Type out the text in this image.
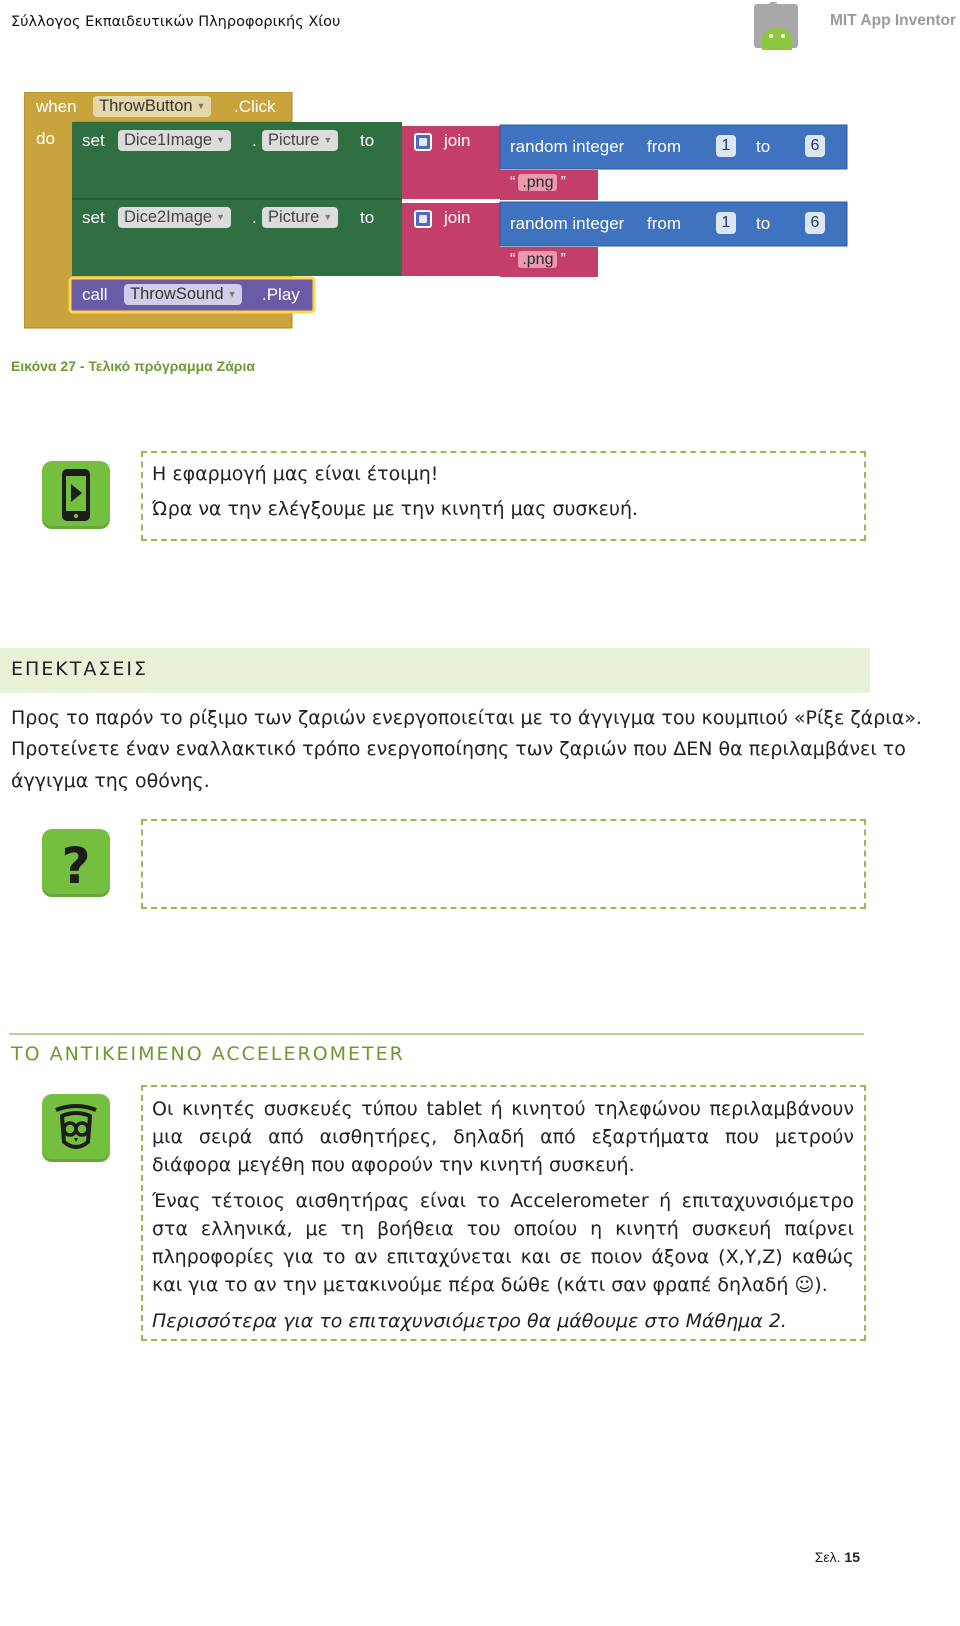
Σύλλογος Εκπαιδευτικών Πληροφορικής Χίου	MIT App Inventor
when	ThrowButton ▼	.Click
do set	Dice1Image ▼	. Picture ▼	to	join random integer from	1	to	6
“ .png ”
set	Dice2Image ▼	. Picture ▼	to	join random integer from	1	to	6
“ .png ”
call	ThrowSound ▼	.Play
Εικόνα 27 - Τελικό πρόγραμμα Ζάρια
Η εφαρμογή μας είναι έτοιμη!
Ώρα να την ελέγξουμε με την κινητή μας συσκευή.
ΕΠΕΚΤΑΣΕΙΣ
Προς το παρόν το ρίξιμο των ζαριών ενεργοποιείται με το άγγιγμα του κουμπιού «Ρίξε ζάρια».
Προτείνετε έναν εναλλακτικό τρόπο ενεργοποίησης των ζαριών που ΔΕΝ θα περιλαμβάνει το
άγγιγμα της οθόνης.
?
ΤΟ ΑΝΤΙΚΕΙΜΕΝΟ ACCELEROMETER

Οι κινητές συσκευές τύπου tablet ή κινητού τηλεφώνου περιλαμβάνουν μια σειρά από αισθητήρες, δηλαδή από εξαρτήματα που μετρούν διάφορα μεγέθη που αφορούν την κινητή συσκευή.

Ένας τέτοιος αισθητήρας είναι το Accelerometer ή επιταχυνσιόμετρο στα ελληνικά, με τη βοήθεια του οποίου η κινητή συσκευή παίρνει πληροφορίες για το αν επιταχύνεται και σε ποιον άξονα (X,Y,Z) καθώς και για το αν την μετακινούμε πέρα δώθε (κάτι σαν φραπέ δηλαδή ☺).

Περισσότερα για το επιταχυνσιόμετρο θα μάθουμε στο Μάθημα 2.

Σελ. 15
